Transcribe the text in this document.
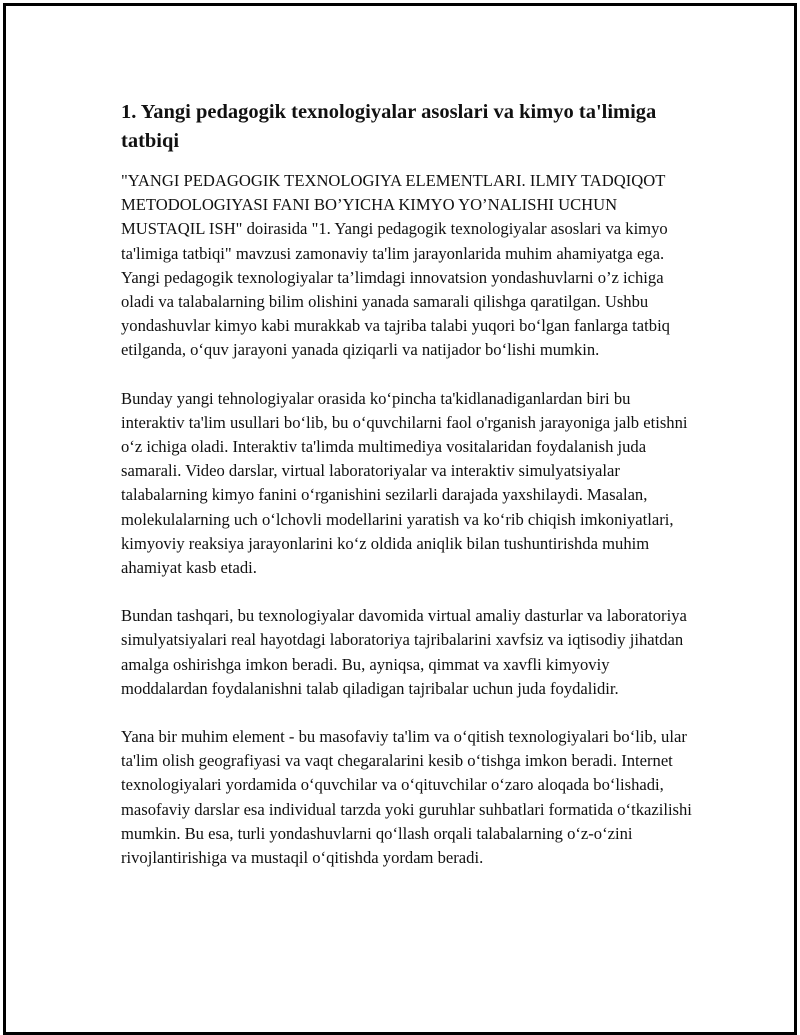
1. Yangi pedagogik texnologiyalar asoslari va kimyo ta'limiga tatbiqi

"YANGI PEDAGOGIK TEXNOLOGIYA ELEMENTLARI. ILMIY TADQIQOT METODOLOGIYASI FANI BO’YICHA KIMYO YO’NALISHI UCHUN MUSTAQIL ISH" doirasida "1. Yangi pedagogik texnologiyalar asoslari va kimyo ta'limiga tatbiqi" mavzusi zamonaviy ta'lim jarayonlarida muhim ahamiyatga ega. Yangi pedagogik texnologiyalar ta’limdagi innovatsion yondashuvlarni o’z ichiga oladi va talabalarning bilim olishini yanada samarali qilishga qaratilgan. Ushbu yondashuvlar kimyo kabi murakkab va tajriba talabi yuqori bo‘lgan fanlarga tatbiq etilganda, o‘quv jarayoni yanada qiziqarli va natijador bo‘lishi mumkin.

Bunday yangi tehnologiyalar orasida ko‘pincha ta'kidlanadiganlardan biri bu interaktiv ta'lim usullari bo‘lib, bu o‘quvchilarni faol o'rganish jarayoniga jalb etishni o‘z ichiga oladi. Interaktiv ta'limda multimediya vositalaridan foydalanish juda samarali. Video darslar, virtual laboratoriyalar va interaktiv simulyatsiyalar talabalarning kimyo fanini o‘rganishini sezilarli darajada yaxshilaydi. Masalan, molekulalarning uch o‘lchovli modellarini yaratish va ko‘rib chiqish imkoniyatlari, kimyoviy reaksiya jarayonlarini ko‘z oldida aniqlik bilan tushuntirishda muhim ahamiyat kasb etadi.

Bundan tashqari, bu texnologiyalar davomida virtual amaliy dasturlar va laboratoriya simulyatsiyalari real hayotdagi laboratoriya tajribalarini xavfsiz va iqtisodiy jihatdan amalga oshirishga imkon beradi. Bu, ayniqsa, qimmat va xavfli kimyoviy moddalardan foydalanishni talab qiladigan tajribalar uchun juda foydalidir.

Yana bir muhim element - bu masofaviy ta'lim va o‘qitish texnologiyalari bo‘lib, ular ta'lim olish geografiyasi va vaqt chegaralarini kesib o‘tishga imkon beradi. Internet texnologiyalari yordamida o‘quvchilar va o‘qituvchilar o‘zaro aloqada bo‘lishadi, masofaviy darslar esa individual tarzda yoki guruhlar suhbatlari formatida o‘tkazilishi mumkin. Bu esa, turli yondashuvlarni qo‘llash orqali talabalarning o‘z-o‘zini rivojlantirishiga va mustaqil o‘qitishda yordam beradi.
